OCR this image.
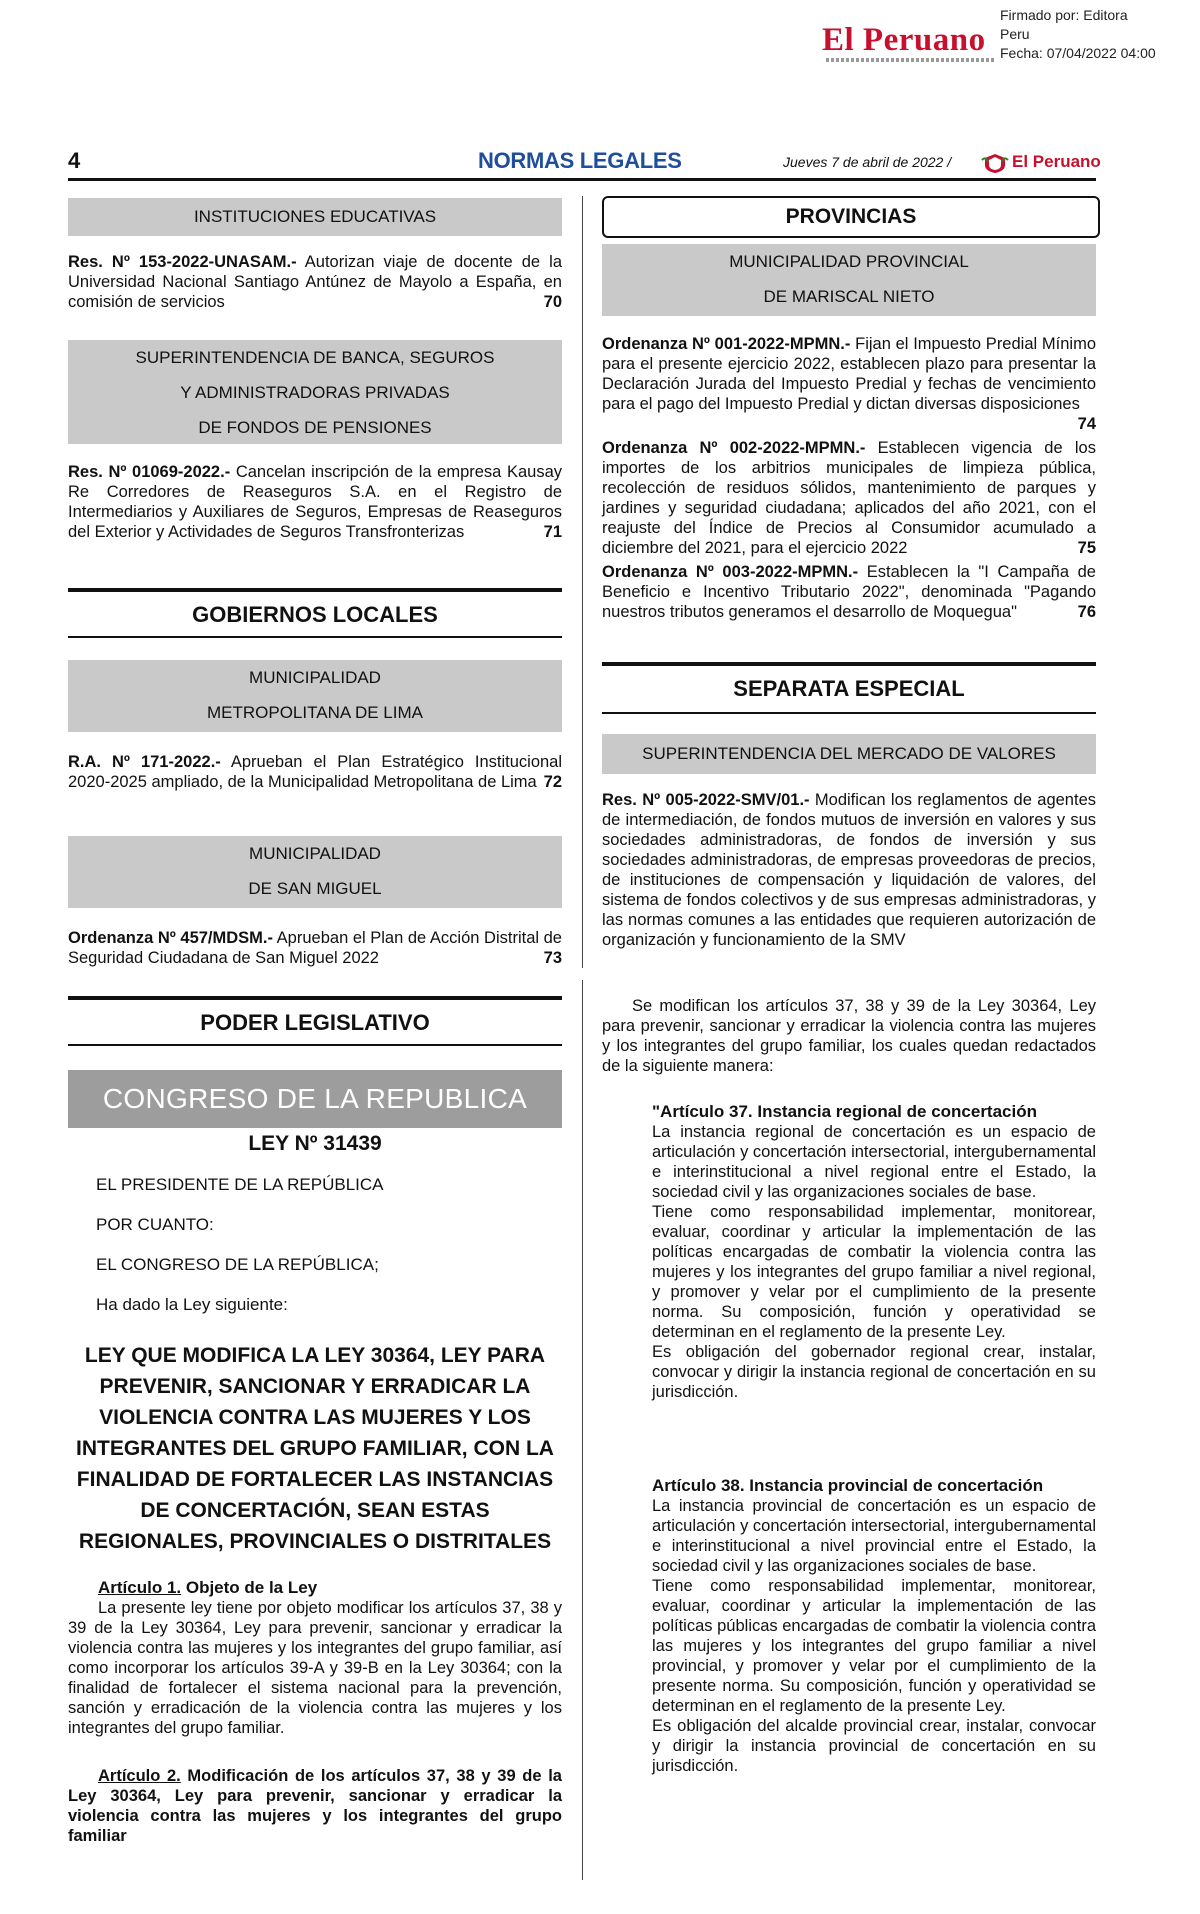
El Peruano
Firmado por: Editora
Peru
Fecha: 07/04/2022 04:00
4	NORMAS LEGALES	Jueves 7 de abril de 2022 /	El Peruano
INSTITUCIONES EDUCATIVAS
Res. Nº 153-2022-UNASAM.- Autorizan viaje de docente de la Universidad Nacional Santiago Antúnez de Mayolo a España, en comisión de servicios	70
SUPERINTENDENCIA DE BANCA, SEGUROS
Y ADMINISTRADORAS PRIVADAS
DE FONDOS DE PENSIONES
Res. Nº 01069-2022.- Cancelan inscripción de la empresa Kausay Re Corredores de Reaseguros S.A. en el Registro de Intermediarios y Auxiliares de Seguros, Empresas de Reaseguros del Exterior y Actividades de Seguros Transfronterizas	71
GOBIERNOS LOCALES
MUNICIPALIDAD
METROPOLITANA DE LIMA
R.A. Nº 171-2022.- Aprueban el Plan Estratégico Institucional 2020-2025 ampliado, de la Municipalidad Metropolitana de Lima 72
MUNICIPALIDAD
DE SAN MIGUEL
Ordenanza Nº 457/MDSM.- Aprueban el Plan de Acción Distrital de Seguridad Ciudadana de San Miguel 2022	73
PROVINCIAS
MUNICIPALIDAD PROVINCIAL
DE MARISCAL NIETO
Ordenanza Nº 001-2022-MPMN.- Fijan el Impuesto Predial Mínimo para el presente ejercicio 2022, establecen plazo para presentar la Declaración Jurada del Impuesto Predial y fechas de vencimiento para el pago del Impuesto Predial y dictan diversas disposiciones
74
Ordenanza Nº 002-2022-MPMN.- Establecen vigencia de los importes de los arbitrios municipales de limpieza pública, recolección de residuos sólidos, mantenimiento de parques y jardines y seguridad ciudadana; aplicados del año 2021, con el reajuste del Índice de Precios al Consumidor acumulado a diciembre del 2021, para el ejercicio 2022	75
Ordenanza Nº 003-2022-MPMN.- Establecen la "I Campaña de Beneficio e Incentivo Tributario 2022", denominada "Pagando nuestros tributos generamos el desarrollo de Moquegua"	76
SEPARATA ESPECIAL
SUPERINTENDENCIA DEL MERCADO DE VALORES
Res. Nº 005-2022-SMV/01.- Modifican los reglamentos de agentes de intermediación, de fondos mutuos de inversión en valores y sus sociedades administradoras, de fondos de inversión y sus sociedades administradoras, de empresas proveedoras de precios, de instituciones de compensación y liquidación de valores, del sistema de fondos colectivos y de sus empresas administradoras, y las normas comunes a las entidades que requieren autorización de organización y funcionamiento de la SMV
PODER LEGISLATIVO
CONGRESO DE LA REPUBLICA
LEY Nº 31439
EL PRESIDENTE DE LA REPÚBLICA
POR CUANTO:
EL CONGRESO DE LA REPÚBLICA;
Ha dado la Ley siguiente:
LEY QUE MODIFICA LA LEY 30364, LEY PARA PREVENIR, SANCIONAR Y ERRADICAR LA VIOLENCIA CONTRA LAS MUJERES Y LOS INTEGRANTES DEL GRUPO FAMILIAR, CON LA FINALIDAD DE FORTALECER LAS INSTANCIAS DE CONCERTACIÓN, SEAN ESTAS REGIONALES, PROVINCIALES O DISTRITALES
Artículo 1. Objeto de la Ley
La presente ley tiene por objeto modificar los artículos 37, 38 y 39 de la Ley 30364, Ley para prevenir, sancionar y erradicar la violencia contra las mujeres y los integrantes del grupo familiar, así como incorporar los artículos 39-A y 39-B en la Ley 30364; con la finalidad de fortalecer el sistema nacional para la prevención, sanción y erradicación de la violencia contra las mujeres y los integrantes del grupo familiar.
Artículo 2. Modificación de los artículos 37, 38 y 39 de la Ley 30364, Ley para prevenir, sancionar y erradicar la violencia contra las mujeres y los integrantes del grupo familiar
Se modifican los artículos 37, 38 y 39 de la Ley 30364, Ley para prevenir, sancionar y erradicar la violencia contra las mujeres y los integrantes del grupo familiar, los cuales quedan redactados de la siguiente manera:
"Artículo 37. Instancia regional de concertación
La instancia regional de concertación es un espacio de articulación y concertación intersectorial, intergubernamental e interinstitucional a nivel regional entre el Estado, la sociedad civil y las organizaciones sociales de base.
Tiene como responsabilidad implementar, monitorear, evaluar, coordinar y articular la implementación de las políticas encargadas de combatir la violencia contra las mujeres y los integrantes del grupo familiar a nivel regional, y promover y velar por el cumplimiento de la presente norma. Su composición, función y operatividad se determinan en el reglamento de la presente Ley.
Es obligación del gobernador regional crear, instalar, convocar y dirigir la instancia regional de concertación en su jurisdicción.
Artículo 38. Instancia provincial de concertación
La instancia provincial de concertación es un espacio de articulación y concertación intersectorial, intergubernamental e interinstitucional a nivel provincial entre el Estado, la sociedad civil y las organizaciones sociales de base.
Tiene como responsabilidad implementar, monitorear, evaluar, coordinar y articular la implementación de las políticas públicas encargadas de combatir la violencia contra las mujeres y los integrantes del grupo familiar a nivel provincial, y promover y velar por el cumplimiento de la presente norma. Su composición, función y operatividad se determinan en el reglamento de la presente Ley.
Es obligación del alcalde provincial crear, instalar, convocar y dirigir la instancia provincial de concertación en su jurisdicción.
